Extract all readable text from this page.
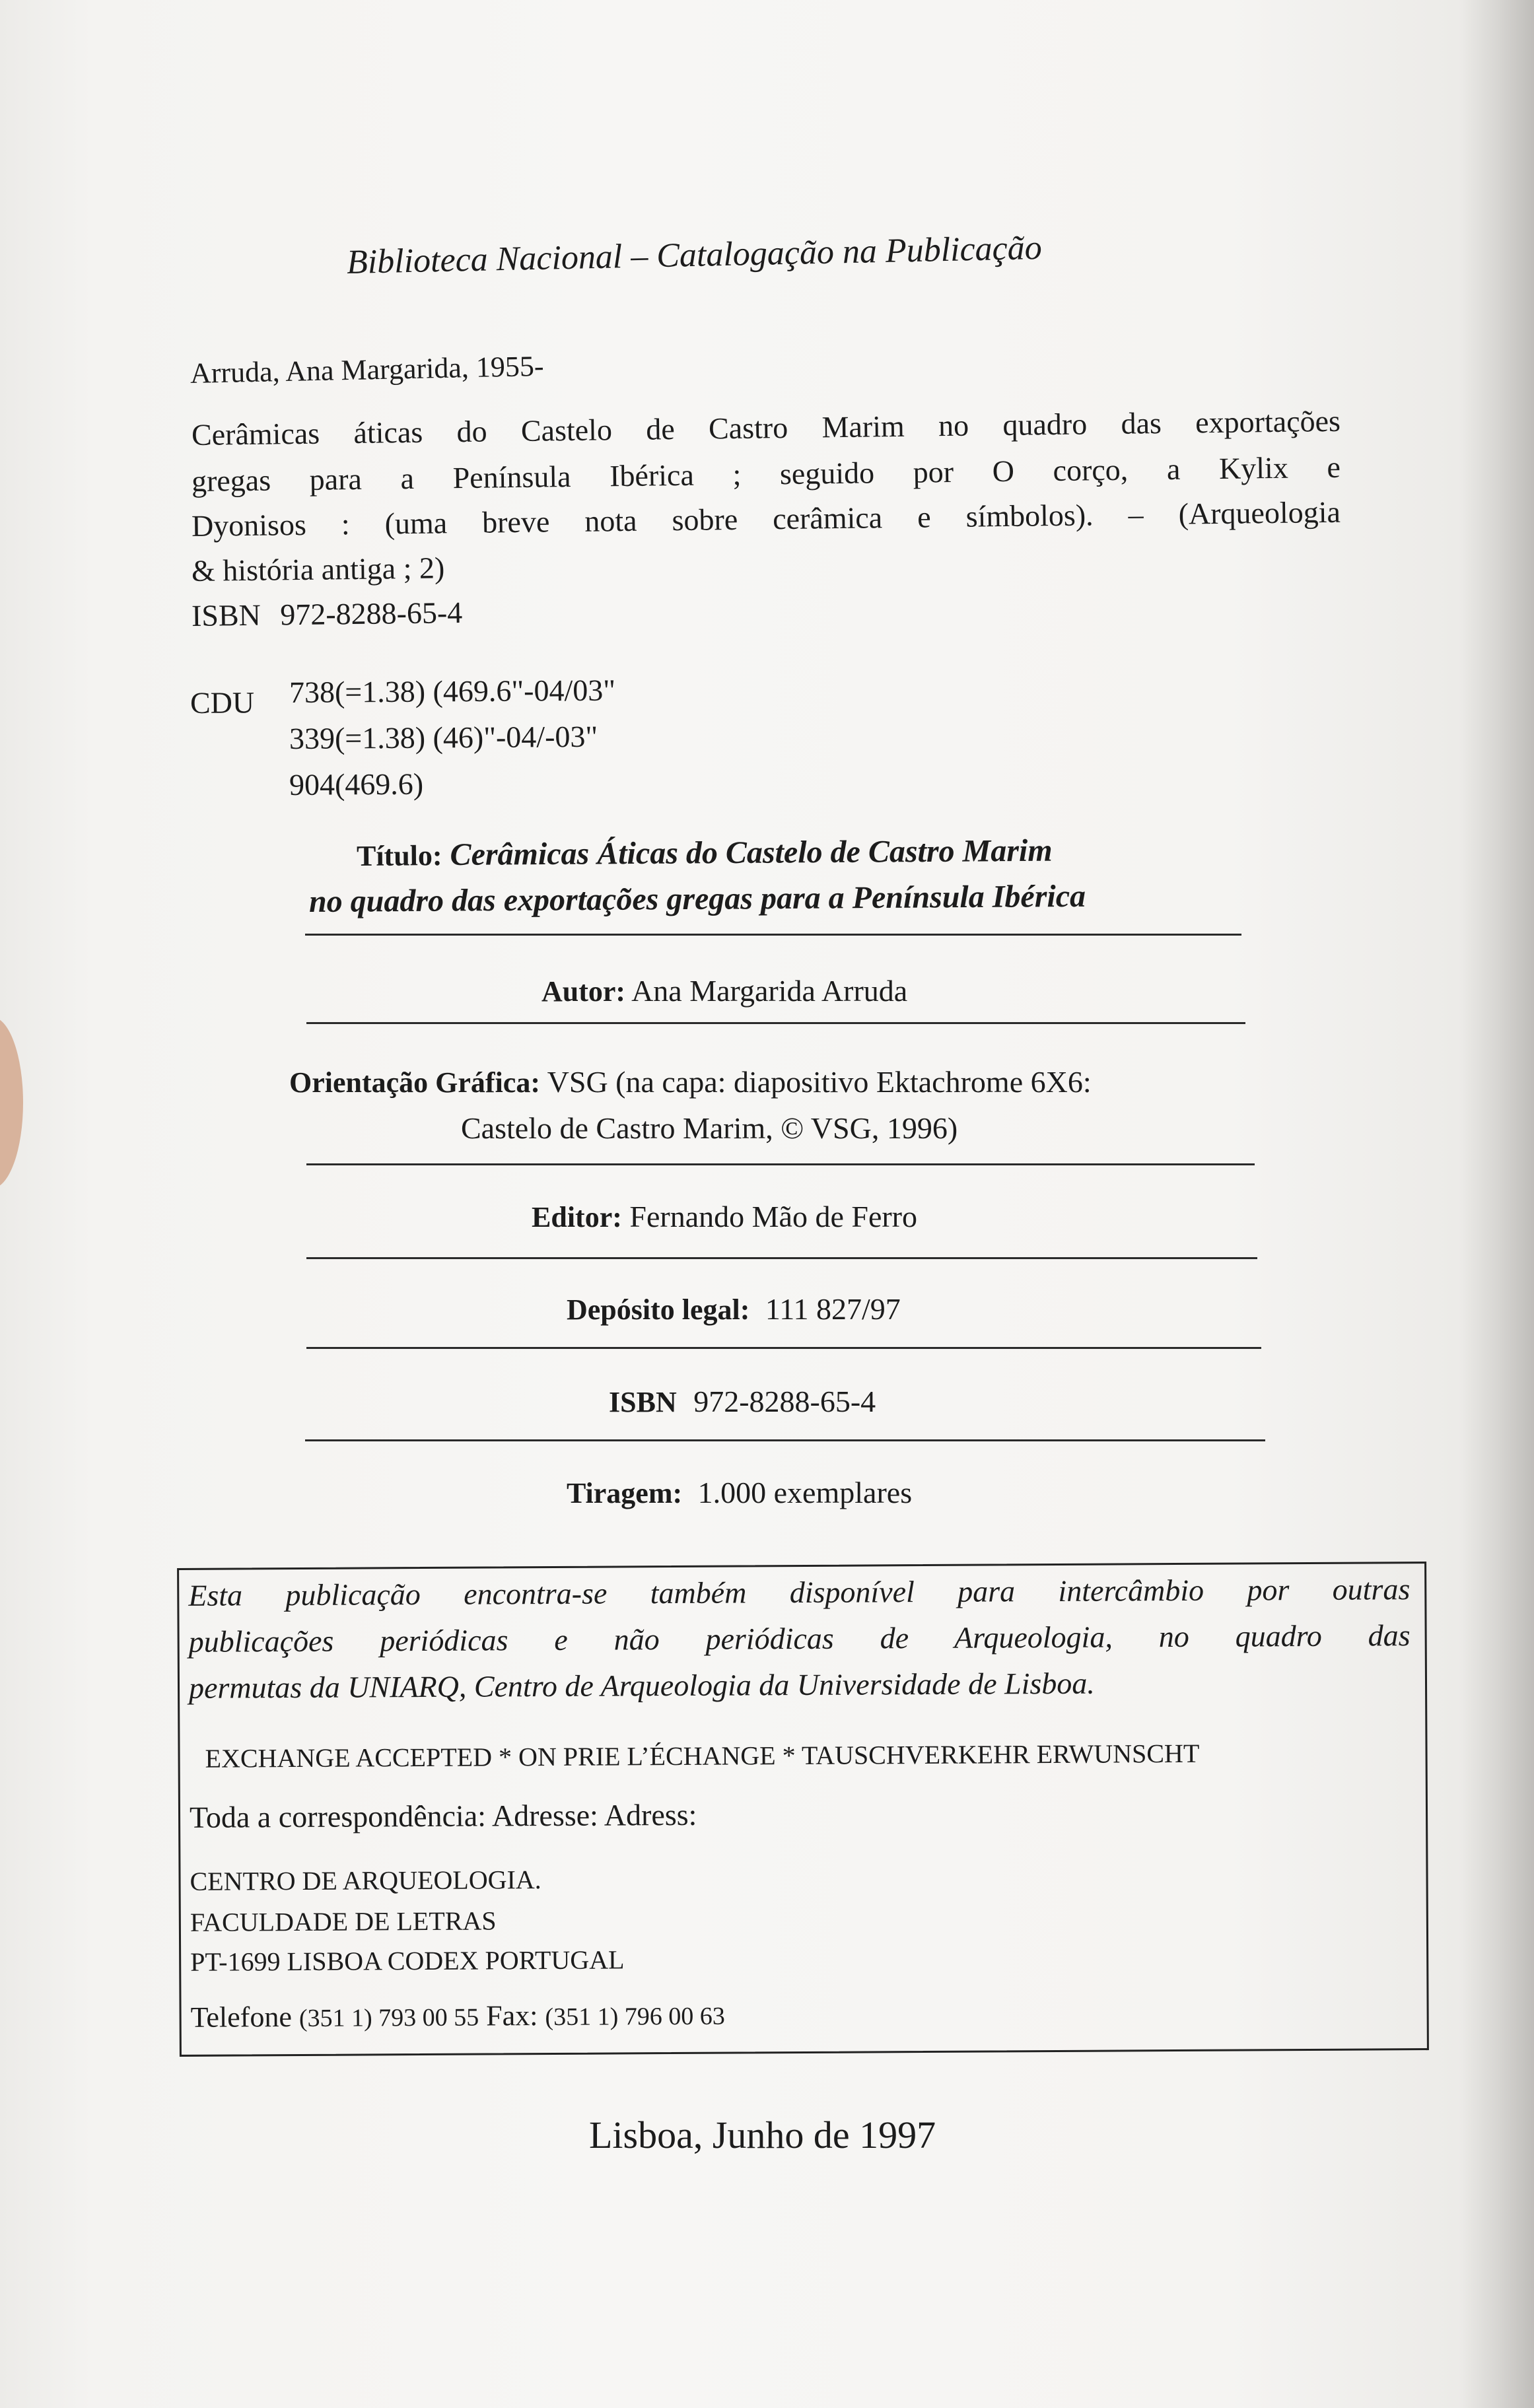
Biblioteca Nacional – Catalogação na Publicação
Arruda, Ana Margarida, 1955-
Cerâmicas áticas do Castelo de Castro Marim no quadro das exportações
gregas para a Península Ibérica ; seguido por O corço, a Kylix e
Dyonisos : (uma breve nota sobre cerâmica e símbolos). – (Arqueologia
& história antiga ; 2)
ISBN 972-8288-65-4
CDU 738(=1.38) (469.6"-04/03"
339(=1.38) (46)"-04/-03"
904(469.6)
Título: Cerâmicas Áticas do Castelo de Castro Marim
no quadro das exportações gregas para a Península Ibérica
Autor: Ana Margarida Arruda
Orientação Gráfica: VSG (na capa: diapositivo Ektachrome 6X6:
Castelo de Castro Marim, © VSG, 1996)
Editor: Fernando Mão de Ferro
Depósito legal: 111 827/97
ISBN 972-8288-65-4
Tiragem: 1.000 exemplares
Esta publicação encontra-se também disponível para intercâmbio por outras
publicações periódicas e não periódicas de Arqueologia, no quadro das
permutas da UNIARQ, Centro de Arqueologia da Universidade de Lisboa.
EXCHANGE ACCEPTED * ON PRIE L’ÉCHANGE * TAUSCHVERKEHR ERWUNSCHT
Toda a correspondência: Adresse: Adress:
CENTRO DE ARQUEOLOGIA.
FACULDADE DE LETRAS
PT-1699 LISBOA CODEX PORTUGAL
Telefone (351 1) 793 00 55 Fax: (351 1) 796 00 63
Lisboa, Junho de 1997
